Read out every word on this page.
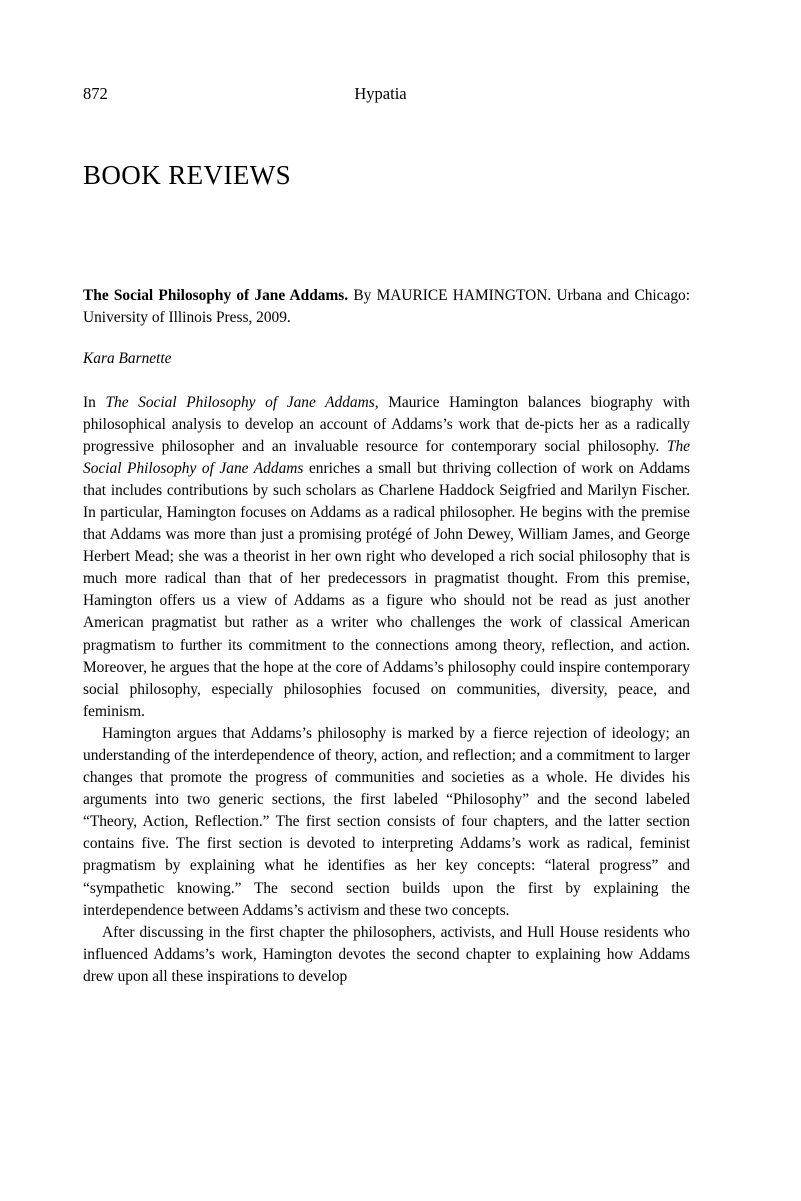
872	Hypatia
BOOK REVIEWS
The Social Philosophy of Jane Addams. By MAURICE HAMINGTON. Urbana and Chicago: University of Illinois Press, 2009.
Kara Barnette

In The Social Philosophy of Jane Addams, Maurice Hamington balances biography with philosophical analysis to develop an account of Addams’s work that de-picts her as a radically progressive philosopher and an invaluable resource for contemporary social philosophy. The Social Philosophy of Jane Addams enriches a small but thriving collection of work on Addams that includes contributions by such scholars as Charlene Haddock Seigfried and Marilyn Fischer. In particular, Hamington focuses on Addams as a radical philosopher. He begins with the premise that Addams was more than just a promising protégé of John Dewey, William James, and George Herbert Mead; she was a theorist in her own right who developed a rich social philosophy that is much more radical than that of her predecessors in pragmatist thought. From this premise, Hamington offers us a view of Addams as a figure who should not be read as just another American pragmatist but rather as a writer who challenges the work of classical American pragmatism to further its commitment to the connections among theory, reflection, and action. Moreover, he argues that the hope at the core of Addams’s philosophy could inspire contemporary social philosophy, especially philosophies focused on communities, diversity, peace, and feminism.

Hamington argues that Addams’s philosophy is marked by a fierce rejection of ideology; an understanding of the interdependence of theory, action, and reflection; and a commitment to larger changes that promote the progress of communities and societies as a whole. He divides his arguments into two generic sections, the first labeled “Philosophy” and the second labeled “Theory, Action, Reflection.” The first section consists of four chapters, and the latter section contains five. The first section is devoted to interpreting Addams’s work as radical, feminist pragmatism by explaining what he identifies as her key concepts: “lateral progress” and “sympathetic knowing.” The second section builds upon the first by explaining the interdependence between Addams’s activism and these two concepts.

After discussing in the first chapter the philosophers, activists, and Hull House residents who influenced Addams’s work, Hamington devotes the second chapter to explaining how Addams drew upon all these inspirations to develop
